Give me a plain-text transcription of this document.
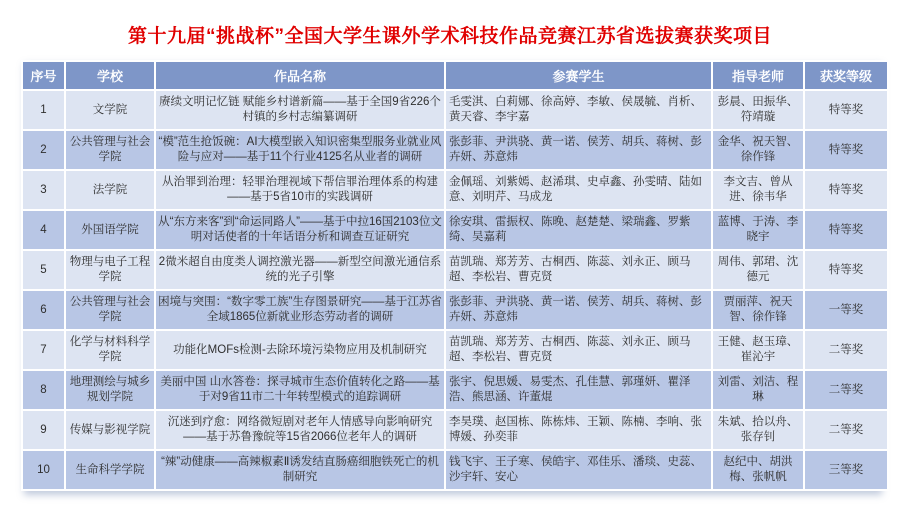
第十九届“挑战杯”全国大学生课外学术科技作品竞赛江苏省选拔赛获奖项目
序号	学校	作品名称	参赛学生	指导老师	获奖等级
1	文学院	赓续文明记忆链 赋能乡村谱新篇——基于全国9省226个村镇的乡村志编纂调研	毛雯淇、白莉娜、徐高婷、李敏、侯晟毓、肖析、黄天睿、李宇嘉	彭晨、田振华、符靖璇	特等奖
2	公共管理与社会学院	“模”范生抢饭碗：AI大模型嵌入知识密集型服务业就业风险与应对——基于11个行业4125名从业者的调研	张彭菲、尹洪骁、黄一诺、侯芳、胡兵、蒋树、彭卉妍、苏意炜	金华、祝天智、徐作锋	特等奖
3	法学院	从治罪到治理：轻罪治理视域下帮信罪治理体系的构建——基于5省10市的实践调研	金佩瑶、刘紫嫣、赵浠琪、史卓鑫、孙雯晴、陆如意、刘明芹、马成龙	李文吉、曾从进、徐韦华	特等奖
4	外国语学院	从“东方来客”到“命运同路人”——基于中拉16国2103位文明对话使者的十年话语分析和调查互证研究	徐安琪、雷振权、陈晚、赵楚楚、梁瑞鑫、罗紫绮、吴嘉莉	蓝博、于涛、李晓宇	特等奖
5	物理与电子工程学院	2微米超自由度类人调控激光器——新型空间激光通信系统的光子引擎	苗凯瑞、郑芳芳、古桐西、陈蕊、刘永正、顾马超、李松岩、曹克贤	周伟、郭珺、沈德元	特等奖
6	公共管理与社会学院	困境与突围：“数字零工族”生存图景研究——基于江苏省全域1865位新就业形态劳动者的调研	张彭菲、尹洪骁、黄一诺、侯芳、胡兵、蒋树、彭卉妍、苏意炜	贾丽萍、祝天智、徐作锋	一等奖
7	化学与材料科学学院	功能化MOFs检测-去除环境污染物应用及机制研究	苗凯瑞、郑芳芳、古桐西、陈蕊、刘永正、顾马超、李松岩、曹克贤	王健、赵玉璋、崔沁宇	二等奖
8	地理测绘与城乡规划学院	美丽中国 山水答卷：探寻城市生态价值转化之路——基于对9省11市二十年转型模式的追踪调研	张宇、倪思媛、易雯杰、孔佳慧、郭瑾妍、瞿泽浩、熊思涵、许董焜	刘雷、刘洁、程琳	二等奖
9	传媒与影视学院	沉迷到疗愈：网络微短剧对老年人情感导向影响研究——基于苏鲁豫皖等15省2066位老年人的调研	李昊璞、赵国栋、陈栋炜、王颖、陈楠、李响、张博媛、孙奕菲	朱斌、拾以舟、张存钊	二等奖
10	生命科学学院	“辣”动健康——高辣椒素Ⅱ诱发结直肠癌细胞铁死亡的机制研究	钱飞宇、王子寒、侯皓宇、邓佳乐、潘琰、史蕊、沙宇轩、安心	赵纪中、胡洪梅、张帆帆	三等奖
